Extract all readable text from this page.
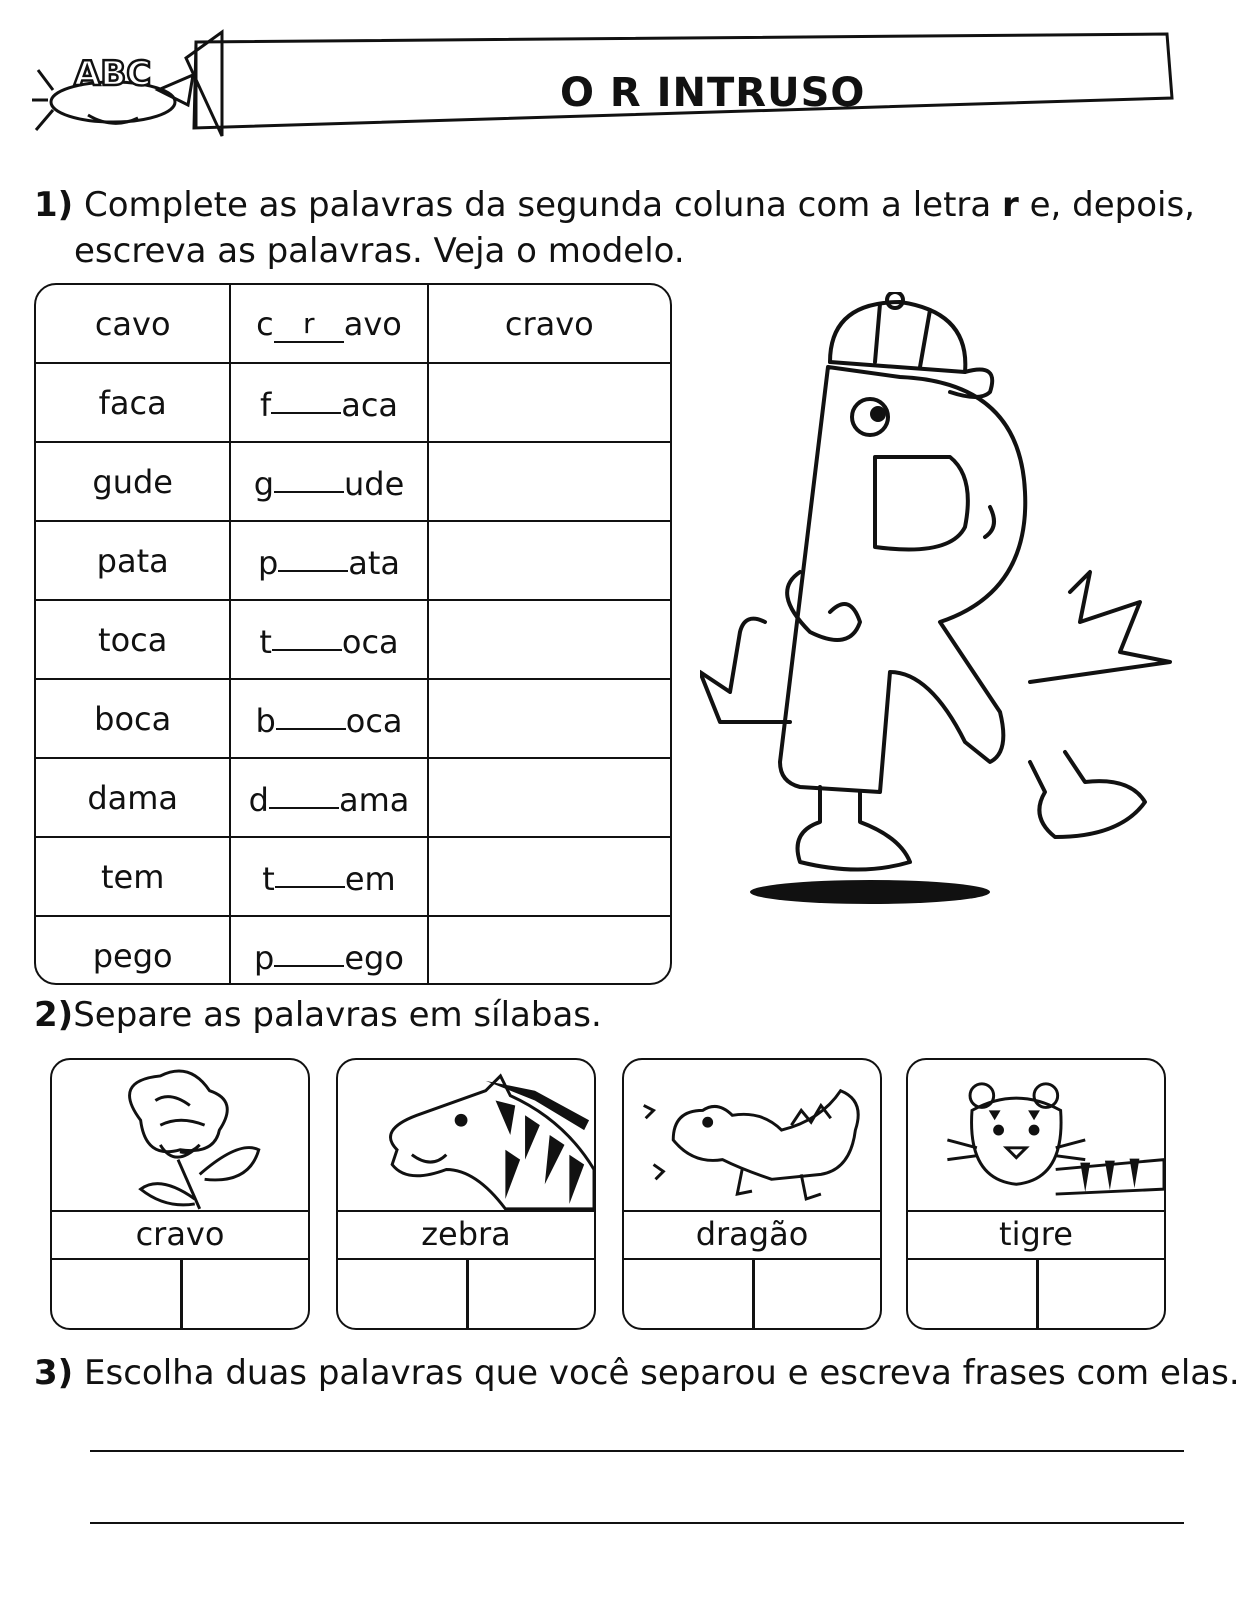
ABC	O R INTRUSO
1) Complete as palavras da segunda coluna com a letra r e, depois,
escreva as palavras. Veja o modelo.
cavo	c r avo	cravo
faca	f aca	
gude	g ude	
pata	p ata	
toca	t oca	
boca	b oca	
dama	d ama	
tem	t em	
pego	p ego	
2)Separe as palavras em sílabas.
cravo	zebra	dragão	tigre
3) Escolha duas palavras que você separou e escreva frases com elas.
